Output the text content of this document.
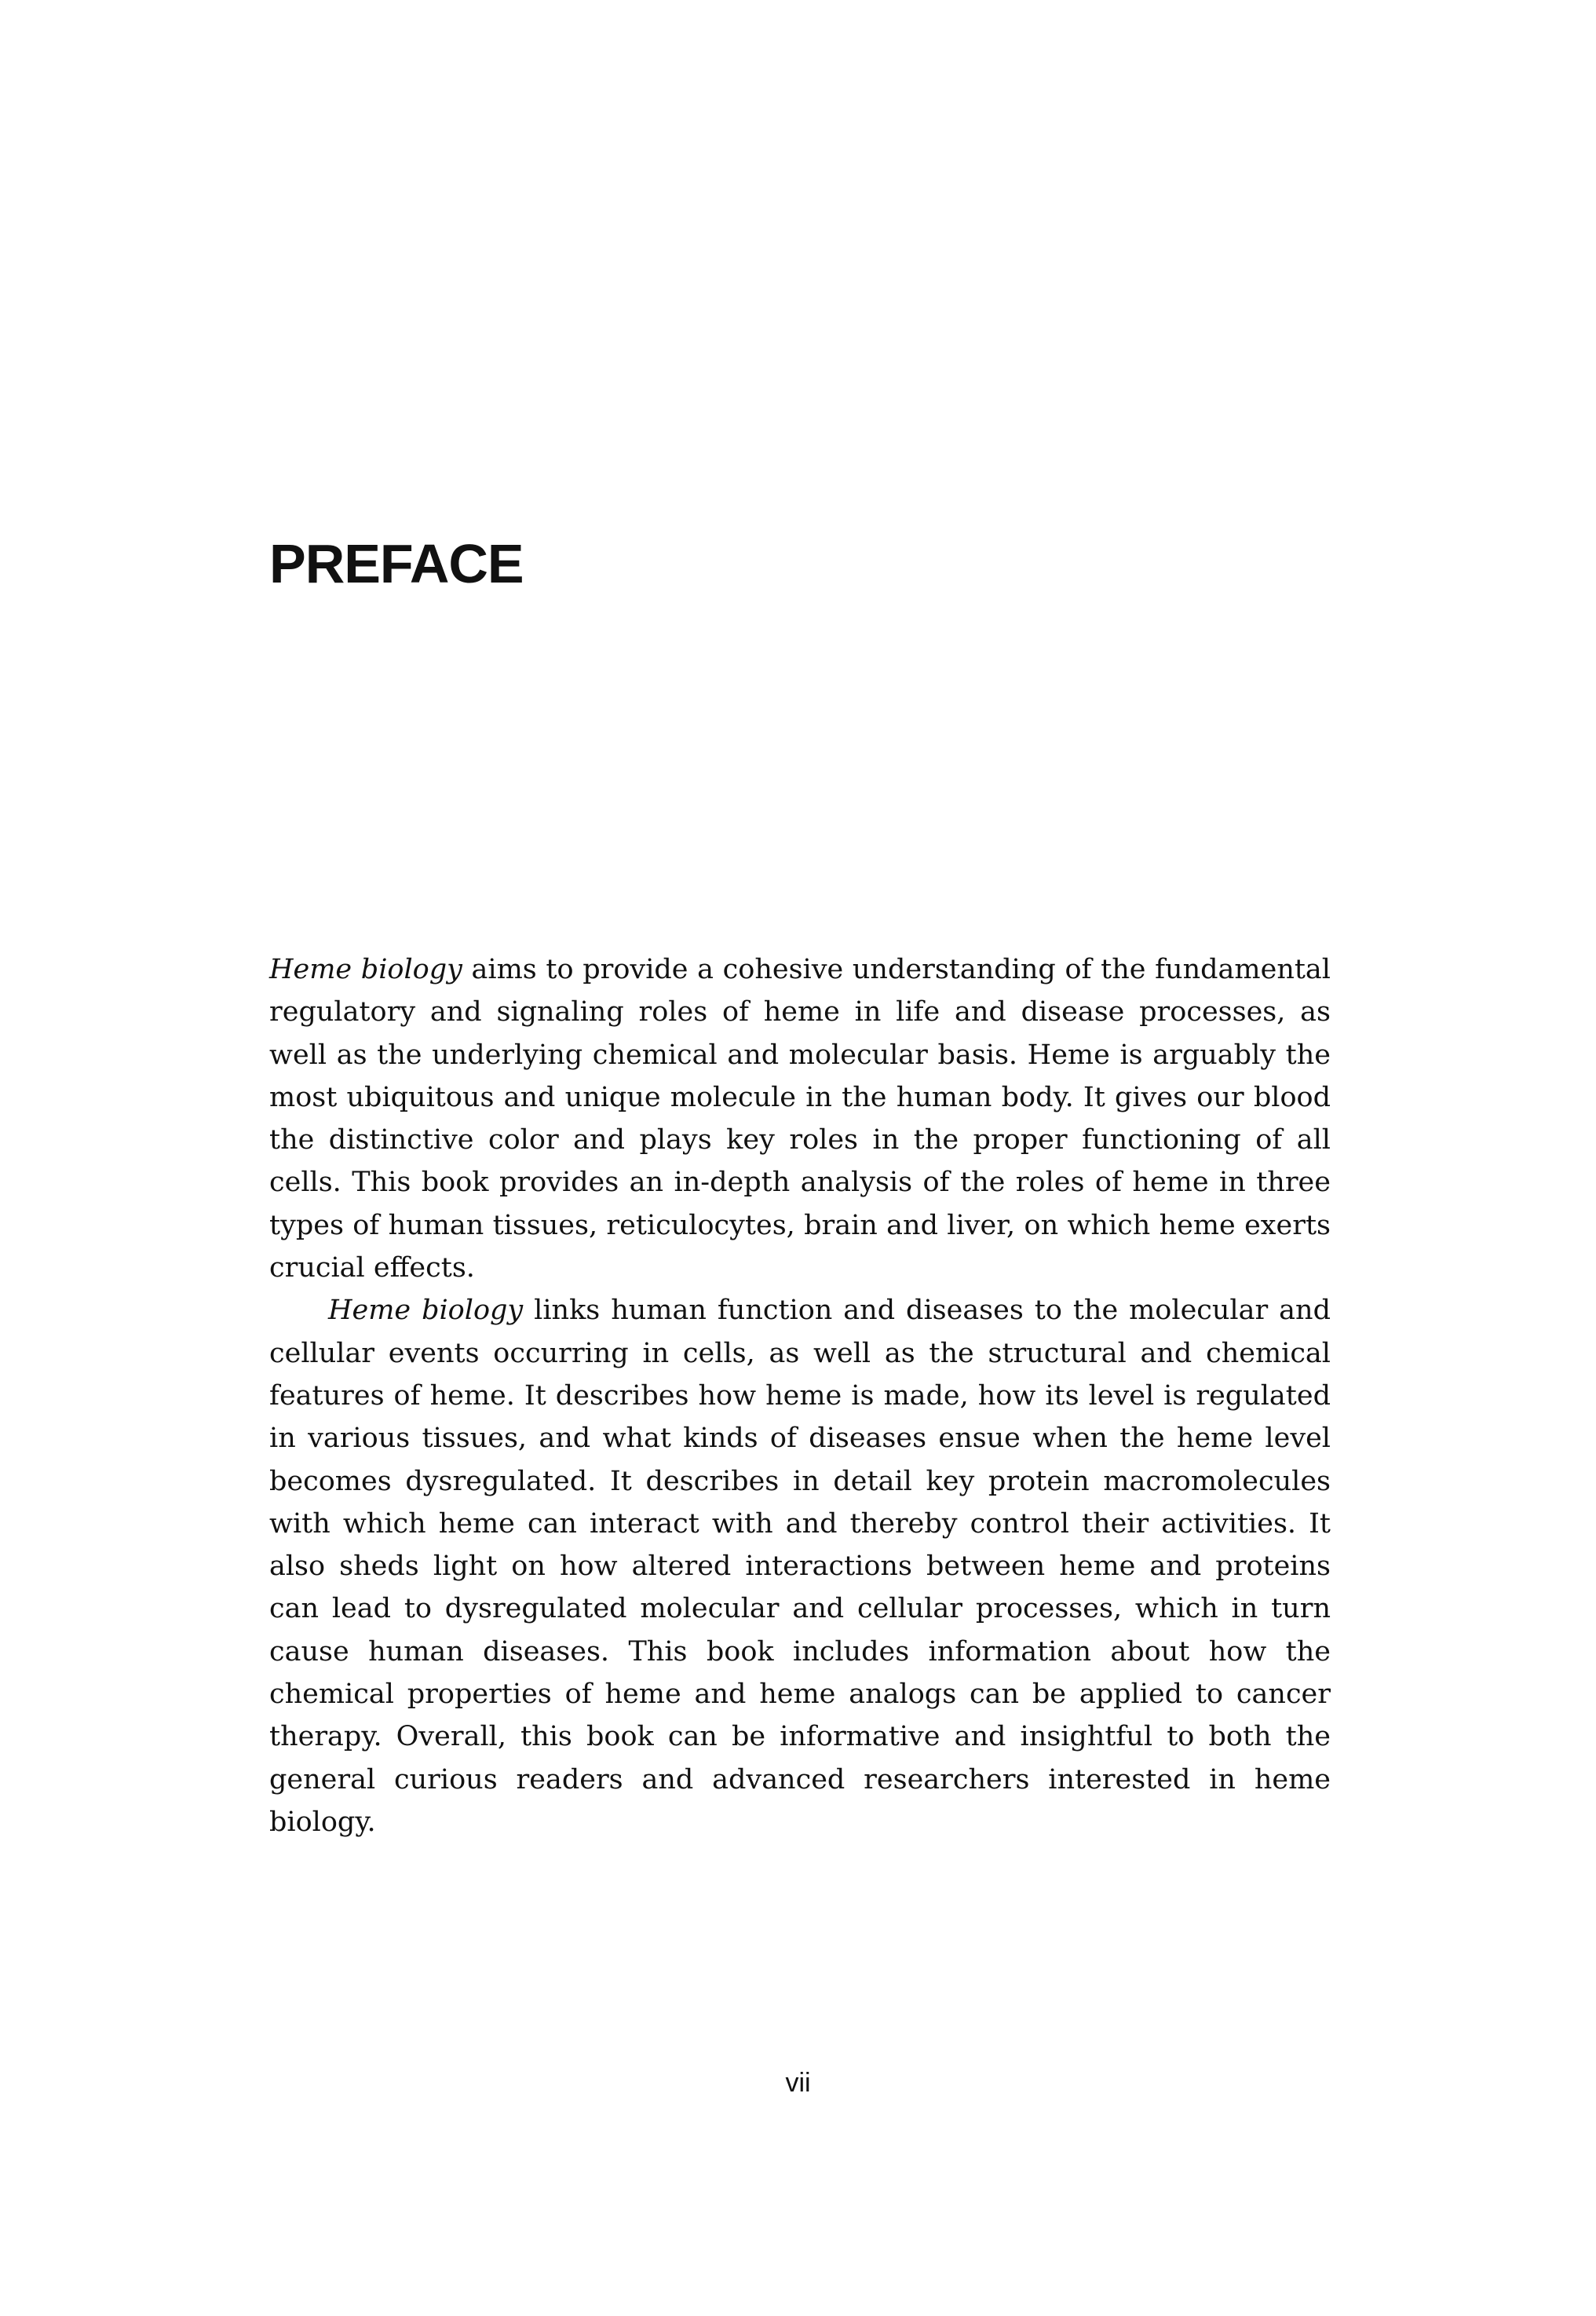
PREFACE

Heme biology aims to provide a cohesive understanding of the fundamental regulatory and signaling roles of heme in life and disease processes, as well as the underlying chemical and molecular basis. Heme is arguably the most ubiquitous and unique molecule in the human body. It gives our blood the distinctive color and plays key roles in the proper functioning of all cells. This book provides an in-depth analysis of the roles of heme in three types of human tissues, reticulocytes, brain and liver, on which heme exerts crucial effects.

Heme biology links human function and diseases to the molecular and cellular events occurring in cells, as well as the structural and chemical features of heme. It describes how heme is made, how its level is regulated in various tissues, and what kinds of diseases ensue when the heme level becomes dysregulated. It describes in detail key protein macromolecules with which heme can interact with and thereby control their activities. It also sheds light on how altered interactions between heme and proteins can lead to dysregulated molecular and cellular processes, which in turn cause human diseases. This book includes information about how the chemical properties of heme and heme analogs can be applied to cancer therapy. Overall, this book can be informative and insightful to both the general curious readers and advanced researchers interested in heme biology.

vii
